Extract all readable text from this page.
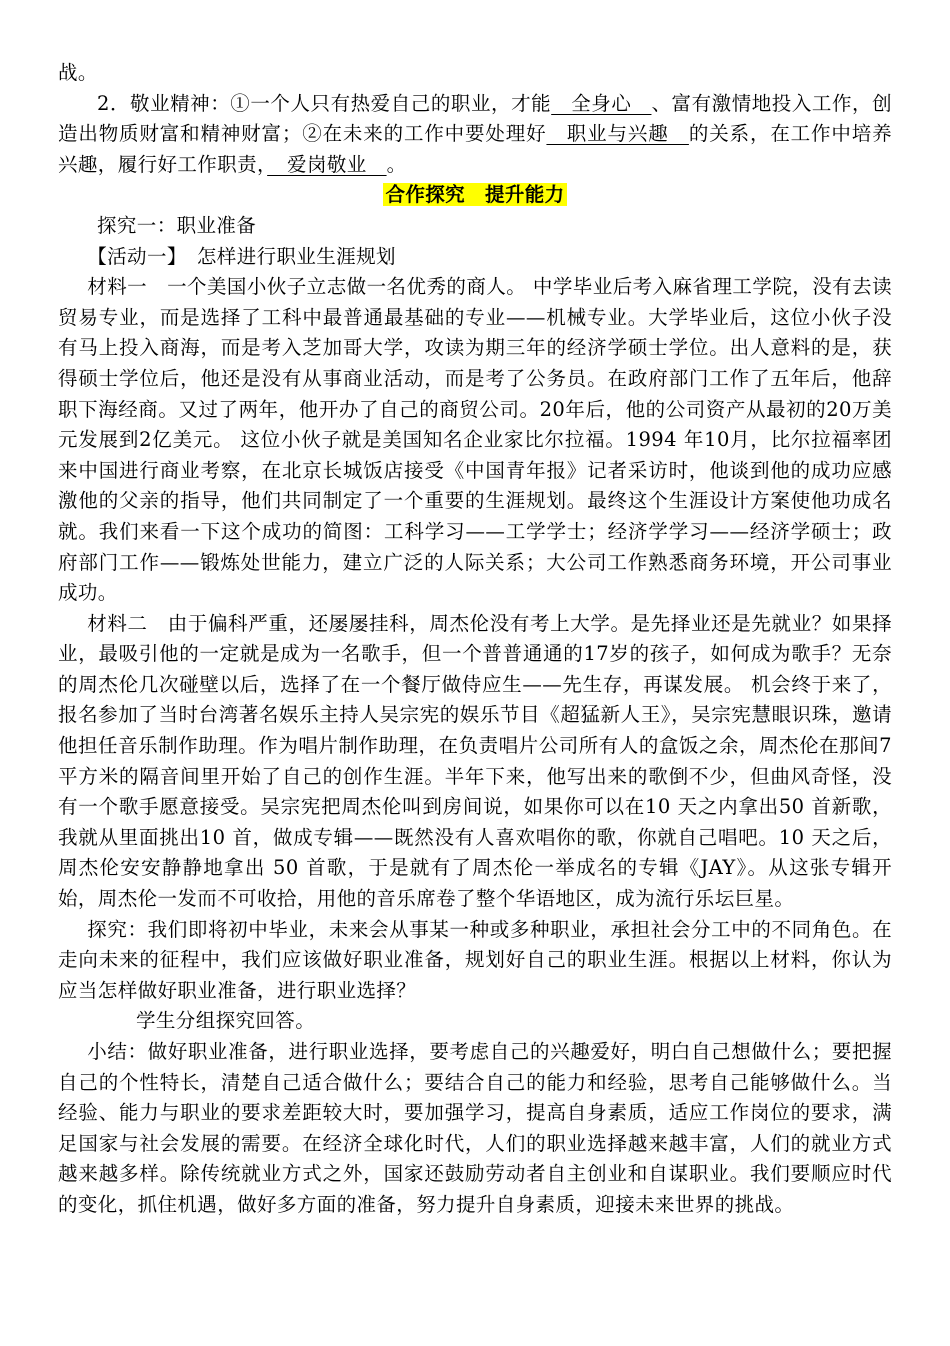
战。

2．敬业精神：①一个人只有热爱自己的职业，才能　全身心　、富有激情地投入工作，创造出物质财富和精神财富；②在未来的工作中要处理好　职业与兴趣　的关系，在工作中培养兴趣，履行好工作职责，　爱岗敬业　。

合作探究　提升能力

探究一：职业准备

【活动一】　怎样进行职业生涯规划

材料一　一个美国小伙子立志做一名优秀的商人。 中学毕业后考入麻省理工学院，没有去读贸易专业，而是选择了工科中最普通最基础的专业——机械专业。大学毕业后，这位小伙子没有马上投入商海，而是考入芝加哥大学，攻读为期三年的经济学硕士学位。出人意料的是，获得硕士学位后，他还是没有从事商业活动，而是考了公务员。在政府部门工作了五年后，他辞职下海经商。又过了两年，他开办了自己的商贸公司。20年后，他的公司资产从最初的20万美元发展到2亿美元。 这位小伙子就是美国知名企业家比尔拉福。1994 年10月，比尔拉福率团来中国进行商业考察，在北京长城饭店接受《中国青年报》记者采访时，他谈到他的成功应感激他的父亲的指导，他们共同制定了一个重要的生涯规划。最终这个生涯设计方案使他功成名就。我们来看一下这个成功的简图：工科学习——工学学士；经济学学习——经济学硕士；政府部门工作——锻炼处世能力，建立广泛的人际关系；大公司工作熟悉商务环境，开公司事业成功。

材料二　由于偏科严重，还屡屡挂科，周杰伦没有考上大学。是先择业还是先就业？如果择业，最吸引他的一定就是成为一名歌手，但一个普普通通的17岁的孩子，如何成为歌手？无奈的周杰伦几次碰壁以后，选择了在一个餐厅做侍应生——先生存，再谋发展。 机会终于来了，报名参加了当时台湾著名娱乐主持人吴宗宪的娱乐节目《超猛新人王》，吴宗宪慧眼识珠，邀请他担任音乐制作助理。作为唱片制作助理，在负责唱片公司所有人的盒饭之余，周杰伦在那间7平方米的隔音间里开始了自己的创作生涯。半年下来，他写出来的歌倒不少，但曲风奇怪，没有一个歌手愿意接受。吴宗宪把周杰伦叫到房间说，如果你可以在10 天之内拿出50 首新歌，我就从里面挑出10 首，做成专辑——既然没有人喜欢唱你的歌，你就自己唱吧。10 天之后，周杰伦安安静静地拿出 50 首歌，于是就有了周杰伦一举成名的专辑《JAY》。从这张专辑开始，周杰伦一发而不可收拾，用他的音乐席卷了整个华语地区，成为流行乐坛巨星。

探究：我们即将初中毕业，未来会从事某一种或多种职业，承担社会分工中的不同角色。在走向未来的征程中，我们应该做好职业准备，规划好自己的职业生涯。根据以上材料，你认为应当怎样做好职业准备，进行职业选择？

学生分组探究回答。

小结：做好职业准备，进行职业选择，要考虑自己的兴趣爱好，明白自己想做什么；要把握自己的个性特长，清楚自己适合做什么；要结合自己的能力和经验，思考自己能够做什么。当经验、能力与职业的要求差距较大时，要加强学习，提高自身素质，适应工作岗位的要求，满足国家与社会发展的需要。在经济全球化时代，人们的职业选择越来越丰富，人们的就业方式越来越多样。除传统就业方式之外，国家还鼓励劳动者自主创业和自谋职业。我们要顺应时代的变化，抓住机遇，做好多方面的准备，努力提升自身素质，迎接未来世界的挑战。
